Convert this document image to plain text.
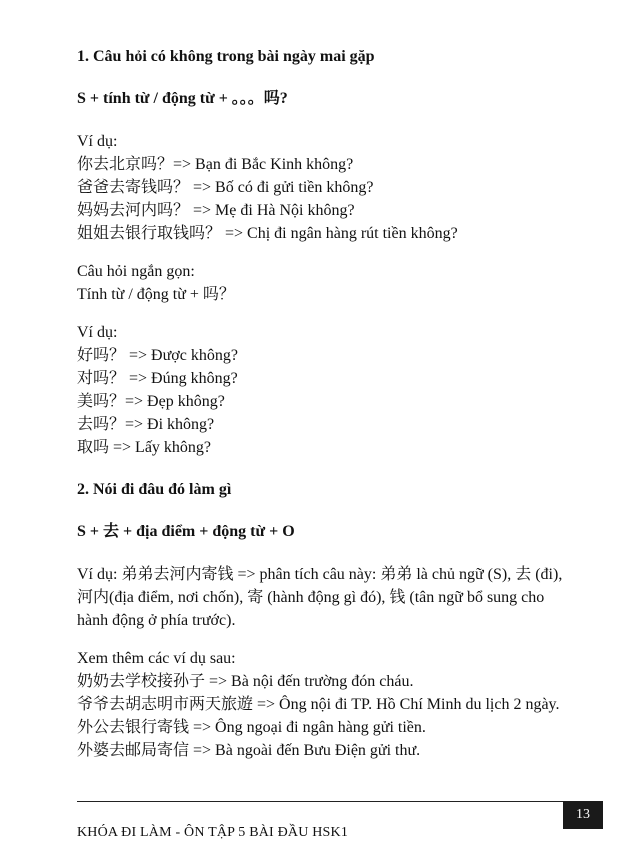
1. Câu hỏi có không trong bài ngày mai gặp

S + tính từ / động từ + 。。。吗?

Ví dụ:

你去北京吗？=> Bạn đi Bắc Kinh không?

爸爸去寄钱吗？ => Bố có đi gửi tiền không?

妈妈去河内吗？ => Mẹ đi Hà Nội không?

姐姐去银行取钱吗？ => Chị đi ngân hàng rút tiền không?

Câu hỏi ngắn gọn:

Tính từ / động từ + 吗？

Ví dụ:

好吗？ => Được không?

对吗？ => Đúng không?

美吗？=> Đẹp không?

去吗？=> Đi không?

取吗 => Lấy không?

2. Nói đi đâu đó làm gì

S + 去 + địa điểm + động từ + O

Ví dụ: 弟弟去河内寄钱 => phân tích câu này: 弟弟 là chủ ngữ (S), 去 (đi), 河内(địa điểm, nơi chốn), 寄 (hành động gì đó), 钱 (tân ngữ bổ sung cho hành động ở phía trước).

Xem thêm các ví dụ sau:

奶奶去学校接孙子 => Bà nội đến trường đón cháu.

爷爷去胡志明市两天旅遊 => Ông nội đi TP. Hồ Chí Minh du lịch 2 ngày.

外公去银行寄钱 => Ông ngoại đi ngân hàng gửi tiền.

外婆去邮局寄信 => Bà ngoài đến Bưu Điện gửi thư.

13
KHÓA ĐI LÀM - ÔN TẬP 5 BÀI ĐẦU HSK1
